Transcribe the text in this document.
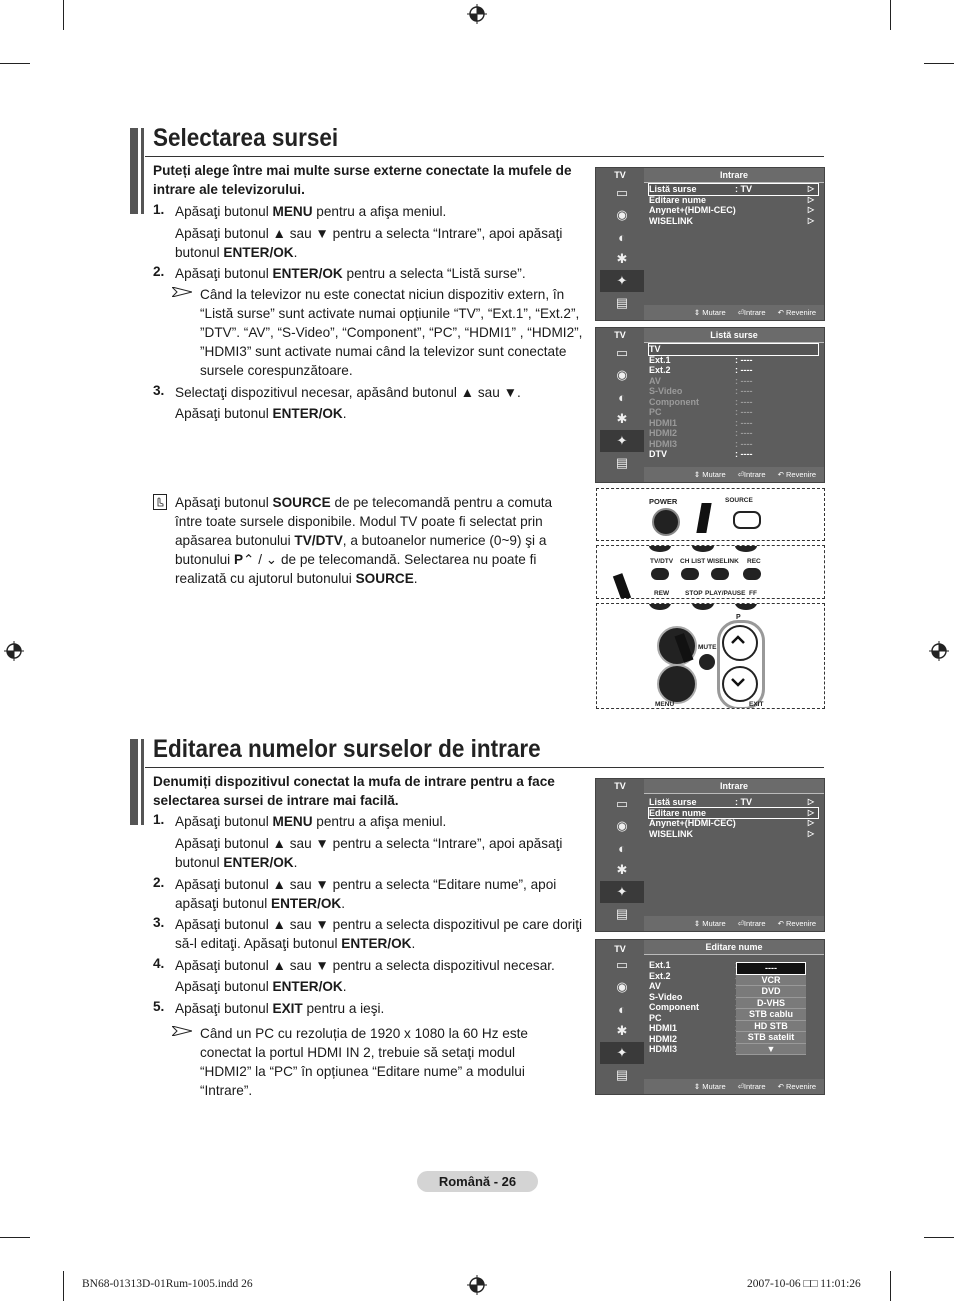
Selectarea sursei
Puteți alege între mai multe surse externe conectate la mufele de intrare ale televizorului.
1. Apăsaţi butonul MENU pentru a afişa meniul.
Apăsaţi butonul ▲ sau ▼ pentru a selecta “Intrare”, apoi apăsaţi butonul ENTER/OK.
2. Apăsaţi butonul ENTER/OK pentru a selecta “Listă surse”.
Când la televizor nu este conectat niciun dispozitiv extern, în “Listă surse” sunt activate numai opțiunile “TV”, “Ext.1”, “Ext.2”, ”DTV”. “AV”, “S-Video”, “Component”, “PC”, “HDMI1” , “HDMI2”, ”HDMI3” sunt activate numai când la televizor sunt conectate sursele corespunzătoare.
3. Selectaţi dispozitivul necesar, apăsând butonul ▲ sau ▼.
Apăsaţi butonul ENTER/OK.
Apăsaţi butonul SOURCE de pe telecomandă pentru a comuta între toate sursele disponibile. Modul TV poate fi selectat prin apăsarea butonului TV/DTV, a butoanelor numerice (0~9) şi a butonului P⌃ / ⌄ de pe telecomandă. Selectarea nu poate fi realizată cu ajutorul butonului SOURCE.
TV	Intrare
▭
◉
◐
✱
✦
▤
Listă surse	: TV	▷
Editare nume	▷
Anynet+(HDMI-CEC)	▷
WISELINK	▷
⇕ Mutare ⏎Intrare ↶ Revenire
TV	Listă surse
▭
◉
◐
✱
✦
▤
TV
Ext.1	: ----
Ext.2	: ----
AV	: ----
S-Video	: ----
Component	: ----
PC	: ----
HDMI1	: ----
HDMI2	: ----
HDMI3	: ----
DTV	: ----
⇕ Mutare ⏎Intrare ↶ Revenire
POWER	SOURCE
TV/DTV CH LIST WISELINK REC
REW STOP PLAY/PAUSE FF
MUTE
P
MENU	EXIT
Editarea numelor surselor de intrare
Denumiți dispozitivul conectat la mufa de intrare pentru a face selectarea sursei de intrare mai facilă.
1. Apăsaţi butonul MENU pentru a afişa meniul.
Apăsaţi butonul ▲ sau ▼ pentru a selecta “Intrare”, apoi apăsaţi butonul ENTER/OK.
2. Apăsaţi butonul ▲ sau ▼ pentru a selecta “Editare nume”, apoi apăsaţi butonul ENTER/OK.
3. Apăsaţi butonul ▲ sau ▼ pentru a selecta dispozitivul pe care doriţi să-l editaţi. Apăsaţi butonul ENTER/OK.
4. Apăsaţi butonul ▲ sau ▼ pentru a selecta dispozitivul necesar.
Apăsaţi butonul ENTER/OK.
5. Apăsaţi butonul EXIT pentru a ieşi.
Când un PC cu rezoluția de 1920 x 1080 la 60 Hz este conectat la portul HDMI IN 2, trebuie să setați modul “HDMI2” la “PC” în opțiunea “Editare nume” a modului “Intrare”.
TV	Intrare
▭
◉
◐
✱
✦
▤
Listă surse	: TV	▷
Editare nume	▷
Anynet+(HDMI-CEC)	▷
WISELINK	▷
⇕ Mutare ⏎Intrare ↶ Revenire
TV	Editare nume
▭
◉
◐
✱
✦
▤
Ext.1
Ext.2
AV
S-Video
Component
PC
HDMI1
HDMI2
HDMI3
----
VCR
DVD
D-VHS
STB cablu
HD STB
STB satelit
▼
⇕ Mutare ⏎Intrare ↶ Revenire
Română - 26
BN68-01313D-01Rum-1005.indd 26	2007-10-06 □□ 11:01:26
